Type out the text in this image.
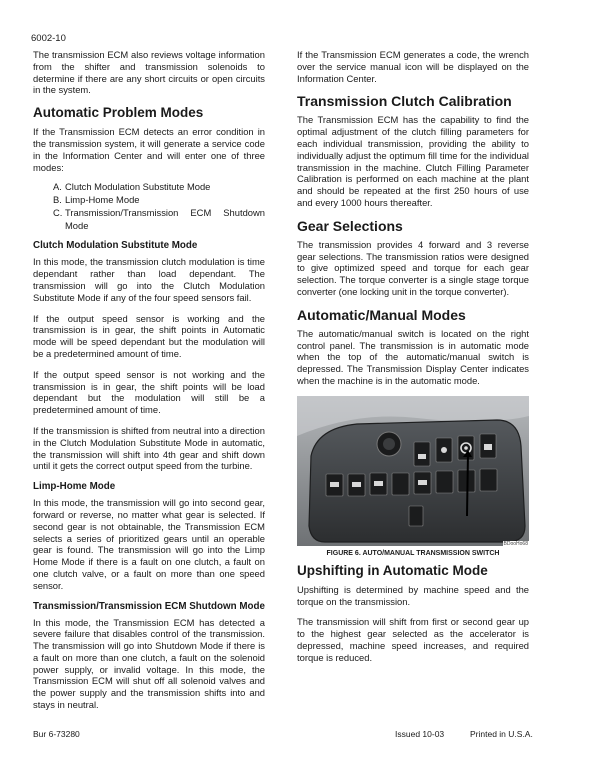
6002-10

The transmission ECM also reviews voltage information from the shifter and transmission solenoids to determine if there are any short circuits or open circuits in the system.

Automatic Problem Modes

If the Transmission ECM detects an error condition in the transmission system, it will generate a service code in the Information Center and will enter one of three modes:

A. Clutch Modulation Substitute Mode
B. Limp-Home Mode
C. Transmission/Transmission ECM Shutdown Mode
Clutch Modulation Substitute Mode

In this mode, the transmission clutch modulation is time dependant rather than load dependant. The transmission will go into the Clutch Modulation Substitute Mode if any of the four speed sensors fail.

If the output speed sensor is working and the transmission is in gear, the shift points in Automatic mode will be speed dependant but the modulation will be a predetermined amount of time.

If the output speed sensor is not working and the transmission is in gear, the shift points will be load dependant but the modulation will still be a predetermined amount of time.

If the transmission is shifted from neutral into a direction in the Clutch Modulation Substitute Mode in automatic, the transmission will shift into 4th gear and shift down until it gets the correct output speed from the turbine.

Limp-Home Mode

In this mode, the transmission will go into second gear, forward or reverse, no matter what gear is selected. If second gear is not obtainable, the Transmission ECM selects a series of prioritized gears until an operable gear is found. The transmission will go into the Limp Home Mode if there is a fault on one clutch, a fault on one clutch valve, or a fault on more than one speed sensor.

Transmission/Transmission ECM Shutdown Mode

In this mode, the Transmission ECM has detected a severe failure that disables control of the transmission. The transmission will go into Shutdown Mode if there is a fault on more than one clutch, a fault on the solenoid power supply, or invalid voltage. In this mode, the Transmission ECM will shut off all solenoid valves and the power supply and the transmission shifts into and stays in neutral.

If the Transmission ECM generates a code, the wrench over the service manual icon will be displayed on the Information Center.

Transmission Clutch Calibration

The Transmission ECM has the capability to find the optimal adjustment of the clutch filling parameters for each individual transmission, providing the ability to individually adjust the optimum fill time for the individual transmission in the machine. Clutch Filling Parameter Calibration is performed on each machine at the plant and should be repeated at the first 250 hours of use and every 1000 hours thereafter.

Gear Selections

The transmission provides 4 forward and 3 reverse gear selections. The transmission ratios were designed to give optimized speed and torque for each gear selection. The torque converter is a single stage torque converter (one locking unit in the torque converter).

Automatic/Manual Modes

The automatic/manual switch is located on the right control panel. The transmission is in automatic mode when the top of the automatic/manual switch is depressed. The Transmission Display Center indicates when the machine is in the automatic mode.

BDooHo68
FIGURE 6. AUTO/MANUAL TRANSMISSION SWITCH
Upshifting in Automatic Mode

Upshifting is determined by machine speed and the torque on the transmission.

The transmission will shift from first or second gear up to the highest gear selected as the accelerator is depressed, machine speed increases, and required torque is reduced.

Bur 6-73280	Issued 10-03	Printed in U.S.A.
